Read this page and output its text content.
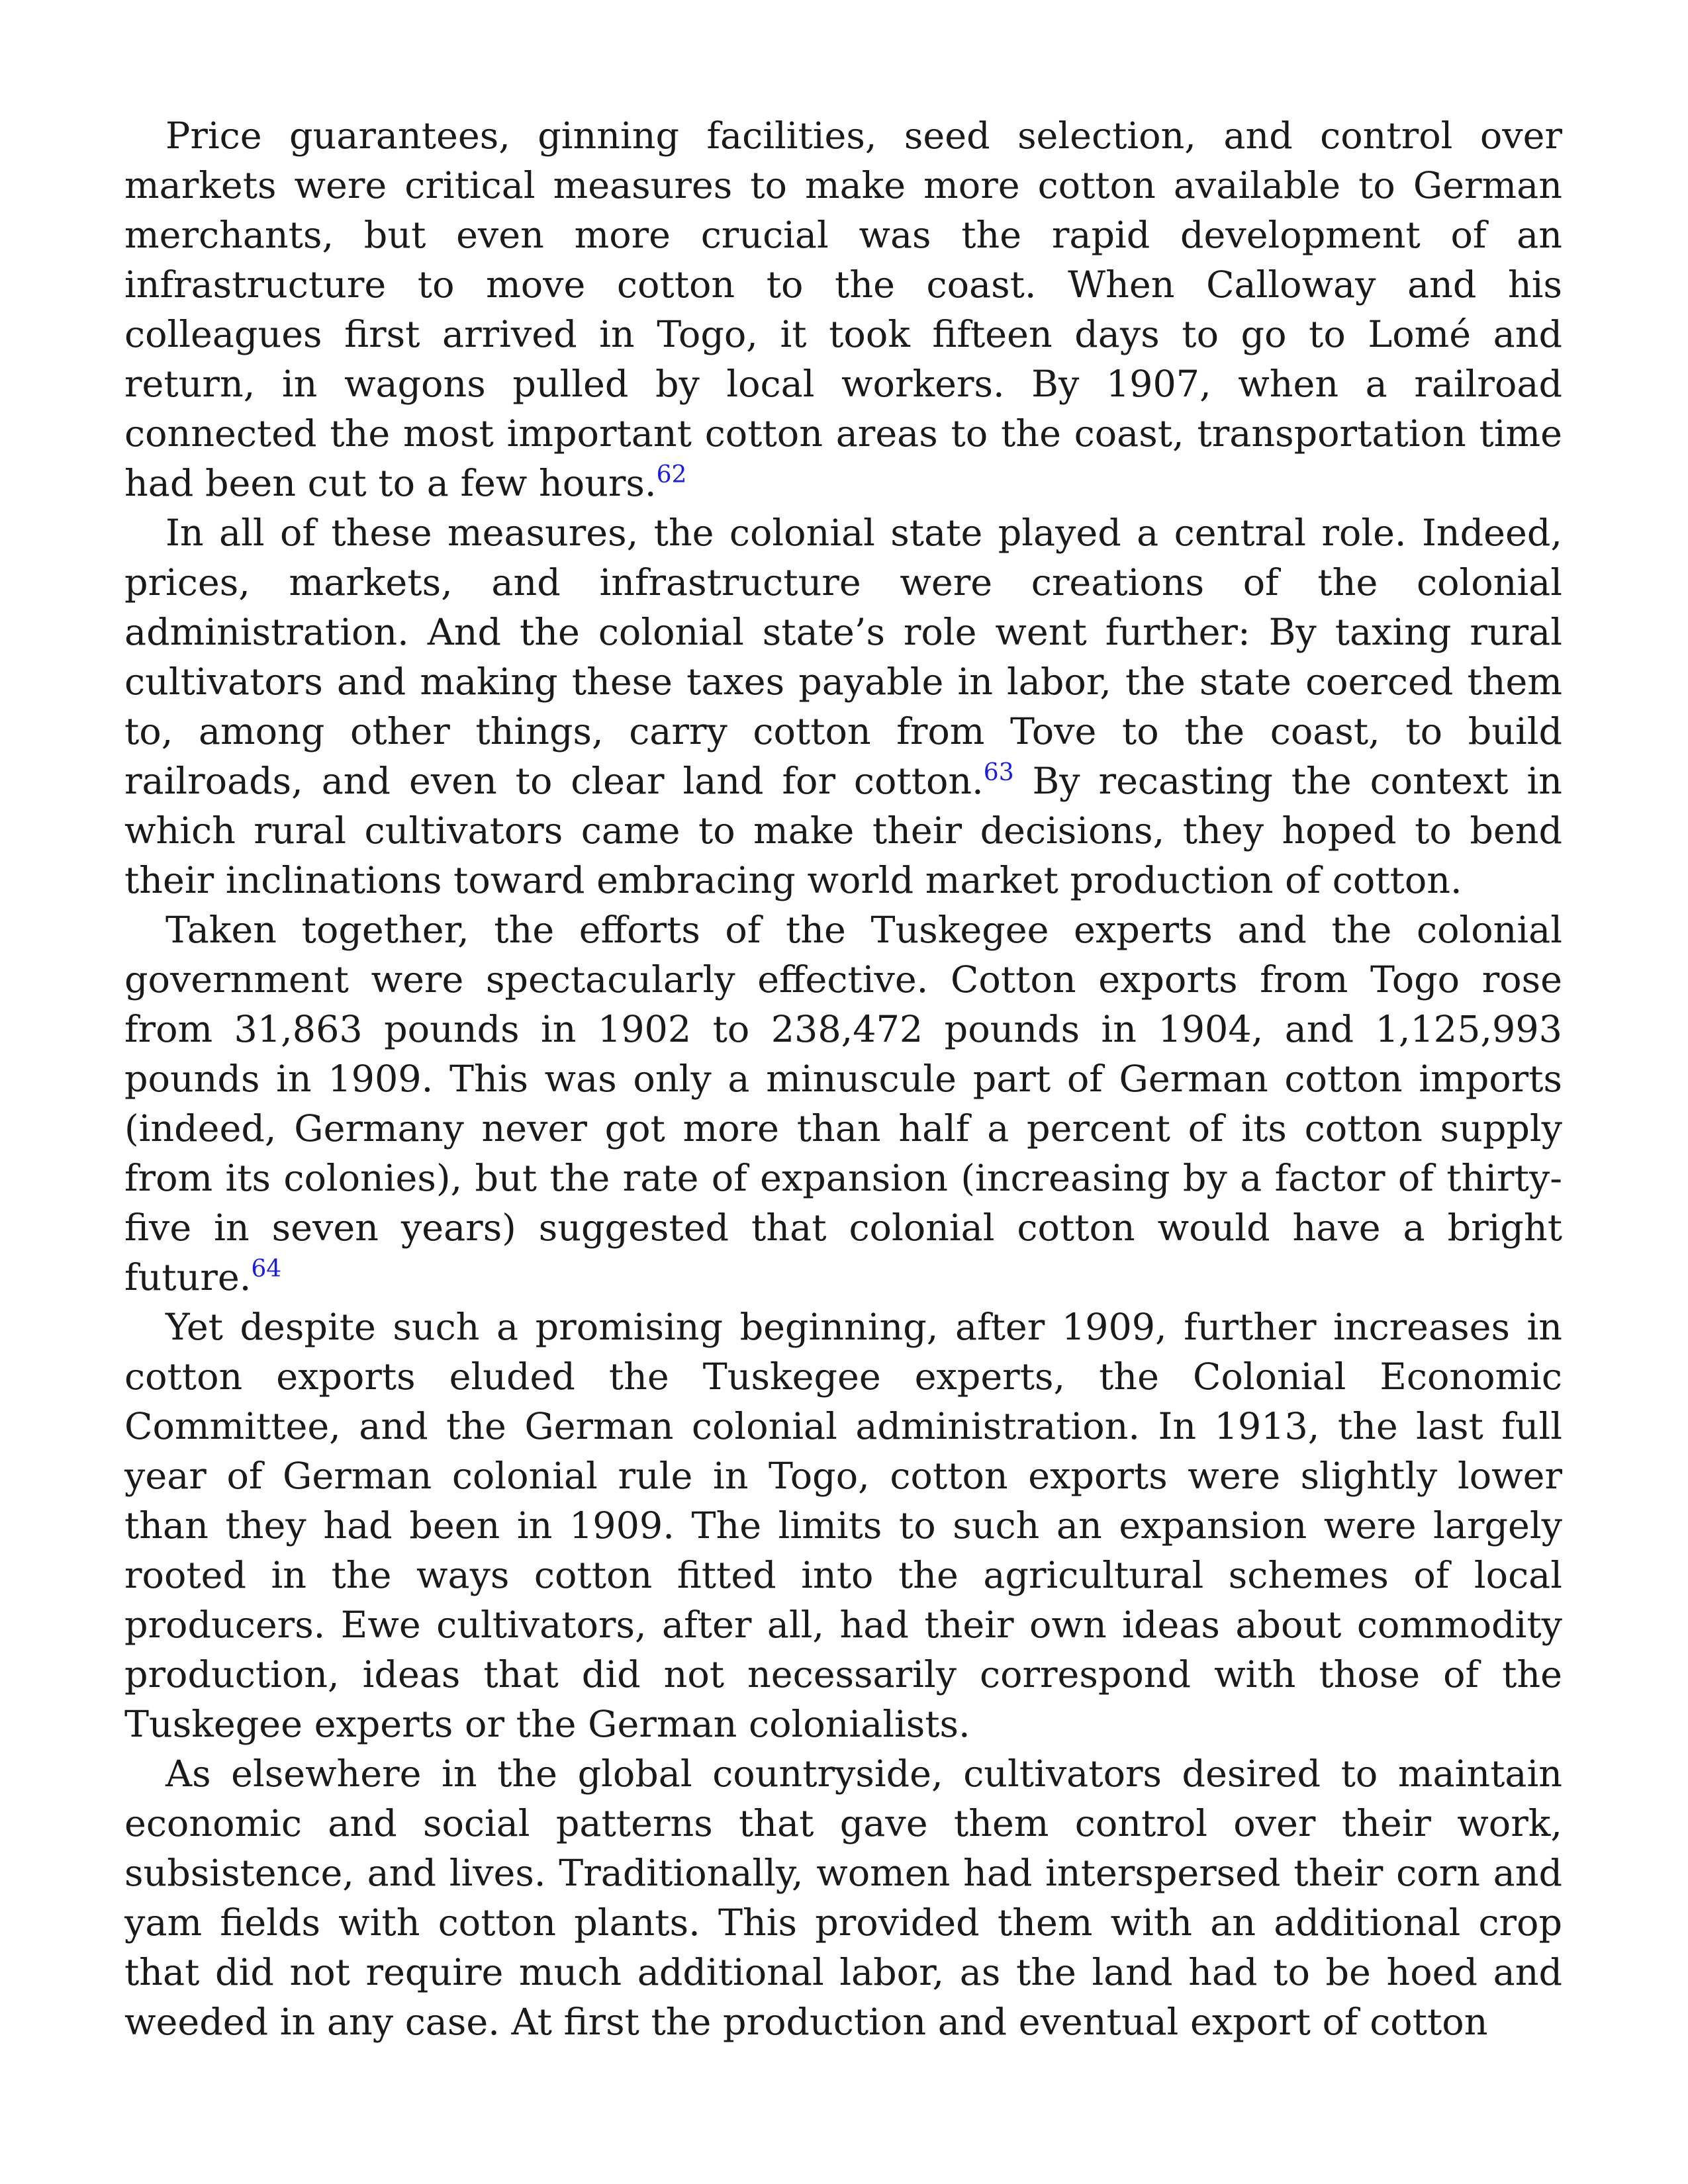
Price guarantees, ginning facilities, seed selection, and control over markets were critical measures to make more cotton available to German merchants, but even more crucial was the rapid development of an infrastructure to move cotton to the coast. When Calloway and his colleagues first arrived in Togo, it took fifteen days to go to Lomé and return, in wagons pulled by local workers. By 1907, when a railroad connected the most important cotton areas to the coast, transportation time had been cut to a few hours.$^{62}$

In all of these measures, the colonial state played a central role. Indeed, prices, markets, and infrastructure were creations of the colonial administration. And the colonial state’s role went further: By taxing rural cultivators and making these taxes payable in labor, the state coerced them to, among other things, carry cotton from Tove to the coast, to build railroads, and even to clear land for cotton.$^{63}$ By recasting the context in which rural cultivators came to make their decisions, they hoped to bend their inclinations toward embracing world market production of cotton.

Taken together, the efforts of the Tuskegee experts and the colonial government were spectacularly effective. Cotton exports from Togo rose from 31,863 pounds in 1902 to 238,472 pounds in 1904, and 1,125,993 pounds in 1909. This was only a minuscule part of German cotton imports (indeed, Germany never got more than half a percent of its cotton supply from its colonies), but the rate of expansion (increasing by a factor of thirtyfive in seven years) suggested that colonial cotton would have a bright future.$^{64}$

Yet despite such a promising beginning, after 1909, further increases in cotton exports eluded the Tuskegee experts, the Colonial Economic Committee, and the German colonial administration. In 1913, the last full year of German colonial rule in Togo, cotton exports were slightly lower than they had been in 1909. The limits to such an expansion were largely rooted in the ways cotton fitted into the agricultural schemes of local producers. Ewe cultivators, after all, had their own ideas about commodity production, ideas that did not necessarily correspond with those of the Tuskegee experts or the German colonialists.

As elsewhere in the global countryside, cultivators desired to maintain economic and social patterns that gave them control over their work, subsistence, and lives. Traditionally, women had interspersed their corn and yam fields with cotton plants. This provided them with an additional crop that did not require much additional labor, as the land had to be hoed and weeded in any case. At first the production and eventual export of cotton
